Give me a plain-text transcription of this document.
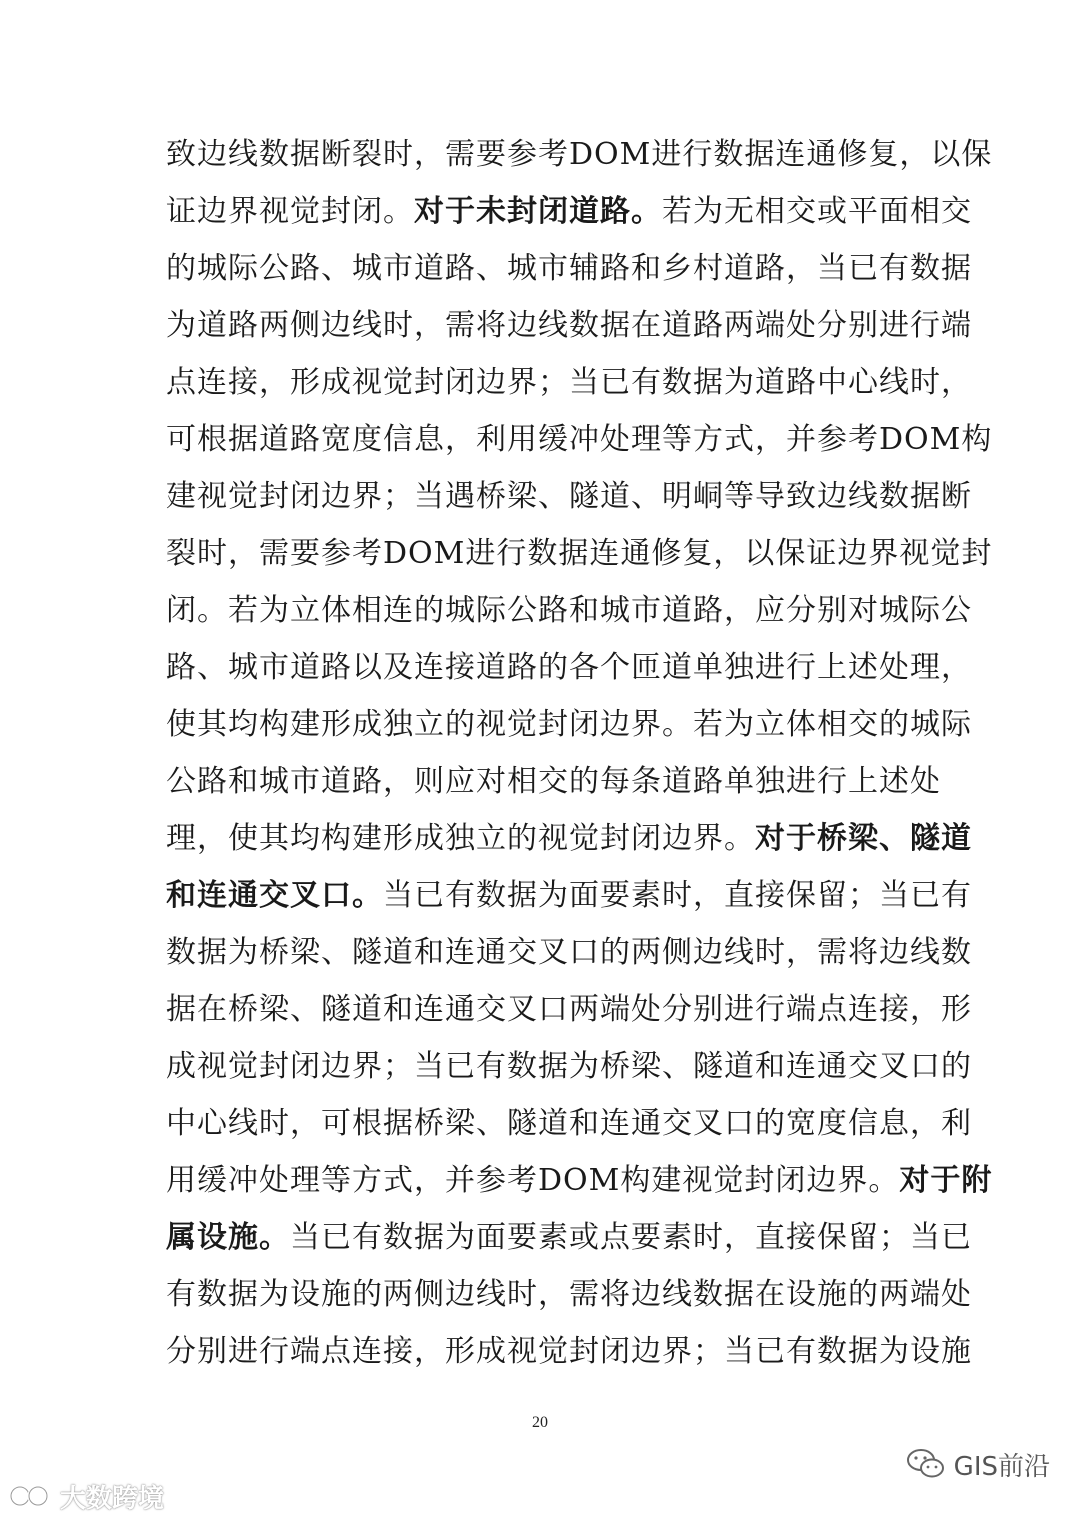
致边线数据断裂时，需要参考DOM进行数据连通修复，以保
证边界视觉封闭。对于未封闭道路。若为无相交或平面相交
的城际公路、城市道路、城市辅路和乡村道路，当已有数据
为道路两侧边线时，需将边线数据在道路两端处分别进行端
点连接，形成视觉封闭边界；当已有数据为道路中心线时，
可根据道路宽度信息，利用缓冲处理等方式，并参考DOM构
建视觉封闭边界；当遇桥梁、隧道、明峒等导致边线数据断
裂时，需要参考DOM进行数据连通修复，以保证边界视觉封
闭。若为立体相连的城际公路和城市道路，应分别对城际公
路、城市道路以及连接道路的各个匝道单独进行上述处理，
使其均构建形成独立的视觉封闭边界。若为立体相交的城际
公路和城市道路，则应对相交的每条道路单独进行上述处
理，使其均构建形成独立的视觉封闭边界。对于桥梁、隧道
和连通交叉口。当已有数据为面要素时，直接保留；当已有
数据为桥梁、隧道和连通交叉口的两侧边线时，需将边线数
据在桥梁、隧道和连通交叉口两端处分别进行端点连接，形
成视觉封闭边界；当已有数据为桥梁、隧道和连通交叉口的
中心线时，可根据桥梁、隧道和连通交叉口的宽度信息，利
用缓冲处理等方式，并参考DOM构建视觉封闭边界。对于附
属设施。当已有数据为面要素或点要素时，直接保留；当已
有数据为设施的两侧边线时，需将边线数据在设施的两端处
分别进行端点连接，形成视觉封闭边界；当已有数据为设施
20
大数跨境
GIS前沿
